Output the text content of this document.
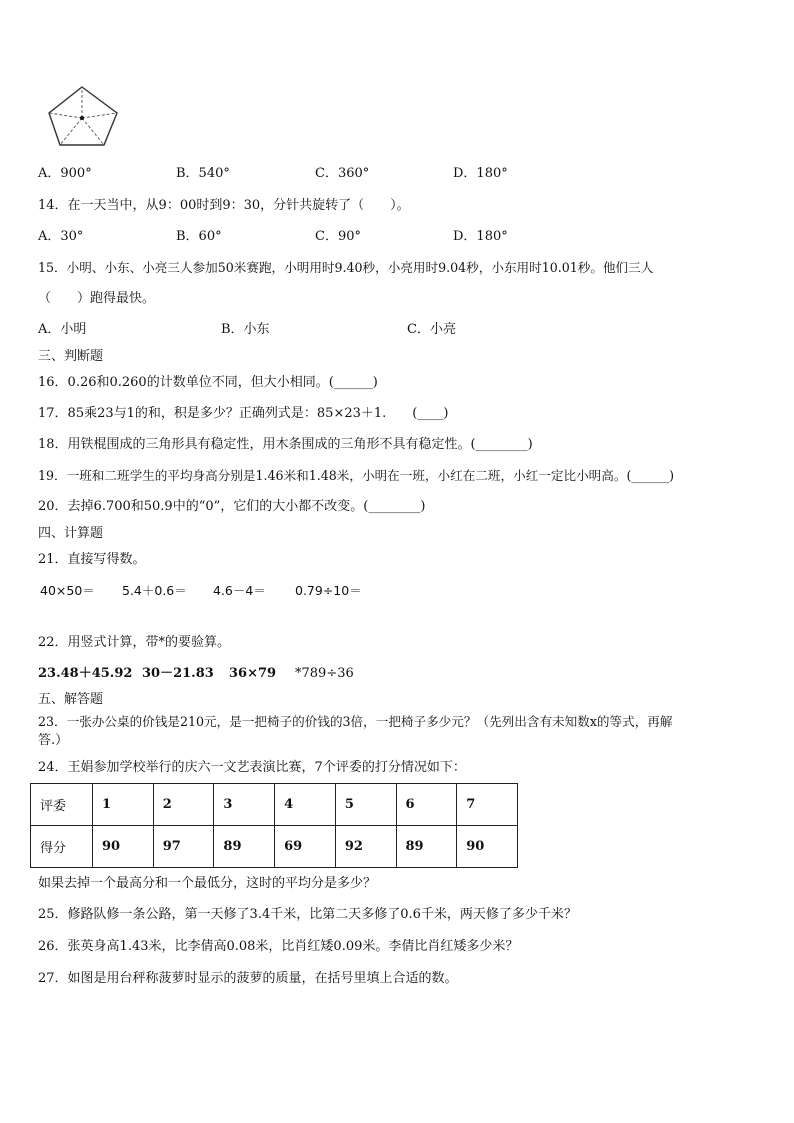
A．900°	B．540°	C．360°	D．180°
14．在一天当中，从9：00时到9：30，分针共旋转了（　　）。
A．30°	B．60°	C．90°	D．180°
15．小明、小东、小亮三人参加50米赛跑，小明用时9.40秒，小亮用时9.04秒，小东用时10.01秒。他们三人
（　　）跑得最快。
A．小明	B．小东	C．小亮
三、判断题
16．0.26和0.260的计数单位不同，但大小相同。(______)
17．85乘23与1的和，积是多少？正确列式是：85×23＋1.　　(____)
18．用铁棍围成的三角形具有稳定性，用木条围成的三角形不具有稳定性。(________)
19．一班和二班学生的平均身高分别是1.46米和1.48米，小明在一班，小红在二班，小红一定比小明高。(______)
20．去掉6.700和50.9中的“0”，它们的大小都不改变。(________)
四、计算题
21．直接写得数。
40×50＝ 5.4＋0.6＝ 4.6－4＝ 0.79÷10＝
22．用竖式计算，带*的要验算。
23.48＋45.92 30－21.83 36×79 *789÷36
五、解答题
23．一张办公桌的价钱是210元，是一把椅子的价钱的3倍，一把椅子多少元？（先列出含有未知数x的等式，再解
答.）
24．王娟参加学校举行的庆六一文艺表演比赛，7个评委的打分情况如下：
评委	1	2	3	4	5	6	7
得分	90	97	89	69	92	89	90
如果去掉一个最高分和一个最低分，这时的平均分是多少？
25．修路队修一条公路，第一天修了3.4千米，比第二天多修了0.6千米，两天修了多少千米？
26．张英身高1.43米，比李倩高0.08米，比肖红矮0.09米。李倩比肖红矮多少米？
27．如图是用台秤称菠萝时显示的菠萝的质量，在括号里填上合适的数。
